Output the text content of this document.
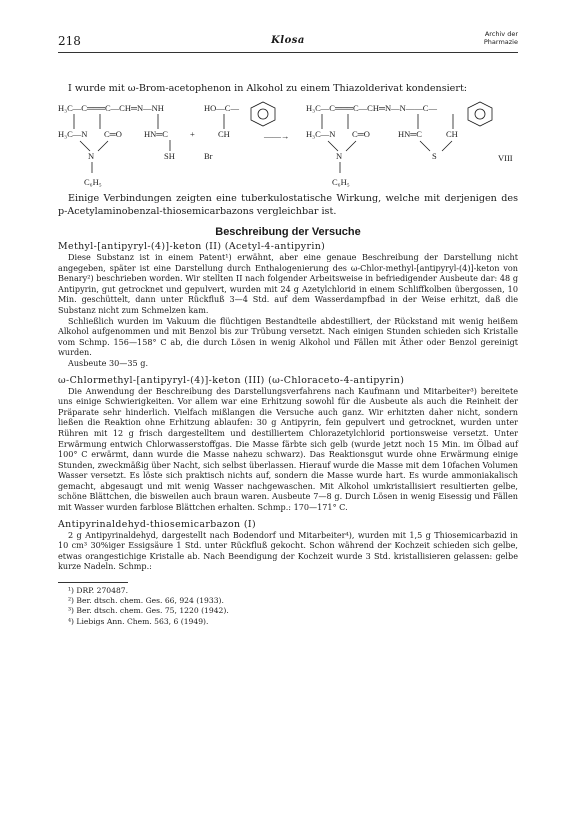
218	Klosa
Archiv der
Pharmazie

I wurde mit ω-Brom-acetophenon in Alkohol zu einem Thiazolderivat kondensiert:

H₃C—C═══C—CH═N—NH
H₃C—N C═O
N
C₆H₅
HN═C
SH
+
HO—C—
CH
Br
——→
H₃C—C═══C—CH═N—N——C—
H₃C—N C═O
N
C₆H₅
HN═C	CH
S	VIII

Einige Verbindungen zeigten eine tuberkulostatische Wirkung, welche mit derjenigen des p-Acetylaminobenzal-thiosemicarbazons vergleichbar ist.

Beschreibung der Versuche

Methyl-[antipyryl-(4)]-keton (II) (Acetyl-4-antipyrin)

Diese Substanz ist in einem Patent¹) erwähnt, aber eine genaue Beschreibung der Darstellung nicht angegeben, später ist eine Darstellung durch Enthalogenierung des ω-Chlor-methyl-[antipyryl-(4)]-keton von Benary²) beschrieben worden. Wir stellten II nach folgender Arbeitsweise in befriedigender Ausbeute dar: 48 g Antipyrin, gut getrocknet und gepulvert, wurden mit 24 g Azetylchlorid in einem Schliffkolben übergossen, 10 Min. geschüttelt, dann unter Rückfluß 3—4 Std. auf dem Wasserdampfbad in der Weise erhitzt, daß die Substanz nicht zum Schmelzen kam.

Schließlich wurden im Vakuum die flüchtigen Bestandteile abdestilliert, der Rückstand mit wenig heißem Alkohol aufgenommen und mit Benzol bis zur Trübung versetzt. Nach einigen Stunden schieden sich Kristalle vom Schmp. 156—158° C ab, die durch Lösen in wenig Alkohol und Fällen mit Äther oder Benzol gereinigt wurden.

Ausbeute 30—35 g.

ω-Chlormethyl-[antipyryl-(4)]-keton (III) (ω-Chloraceto-4-antipyrin)

Die Anwendung der Beschreibung des Darstellungsverfahrens nach Kaufmann und Mitarbeiter³) bereitete uns einige Schwierigkeiten. Vor allem war eine Erhitzung sowohl für die Ausbeute als auch die Reinheit der Präparate sehr hinderlich. Vielfach mißlangen die Versuche auch ganz. Wir erhitzten daher nicht, sondern ließen die Reaktion ohne Erhitzung ablaufen: 30 g Antipyrin, fein gepulvert und getrocknet, wurden unter Rühren mit 12 g frisch dargestelltem und destilliertem Chlorazetylchlorid portionsweise versetzt. Unter Erwärmung entwich Chlorwasserstoffgas. Die Masse färbte sich gelb (wurde jetzt noch 15 Min. im Ölbad auf 100° C erwärmt, dann wurde die Masse nahezu schwarz). Das Reaktionsgut wurde ohne Erwärmung einige Stunden, zweckmäßig über Nacht, sich selbst überlassen. Hierauf wurde die Masse mit dem 10fachen Volumen Wasser versetzt. Es löste sich praktisch nichts auf, sondern die Masse wurde hart. Es wurde ammoniakalisch gemacht, abgesaugt und mit wenig Wasser nachgewaschen. Mit Alkohol umkristallisiert resultierten gelbe, schöne Blättchen, die bisweilen auch braun waren. Ausbeute 7—8 g. Durch Lösen in wenig Eisessig und Fällen mit Wasser wurden farblose Blättchen erhalten. Schmp.: 170—171° C.

Antipyrinaldehyd-thiosemicarbazon (I)

2 g Antipyrinaldehyd, dargestellt nach Bodendorf und Mitarbeiter⁴), wurden mit 1,5 g Thiosemicarbazid in 10 cm³ 30%iger Essigsäure 1 Std. unter Rückfluß gekocht. Schon während der Kochzeit schieden sich gelbe, etwas orangestichige Kristalle ab. Nach Beendigung der Kochzeit wurde 3 Std. kristallisieren gelassen: gelbe kurze Nadeln. Schmp.:

¹) DRP. 270487.
²) Ber. dtsch. chem. Ges. 66, 924 (1933).
³) Ber. dtsch. chem. Ges. 75, 1220 (1942).
⁴) Liebigs Ann. Chem. 563, 6 (1949).
